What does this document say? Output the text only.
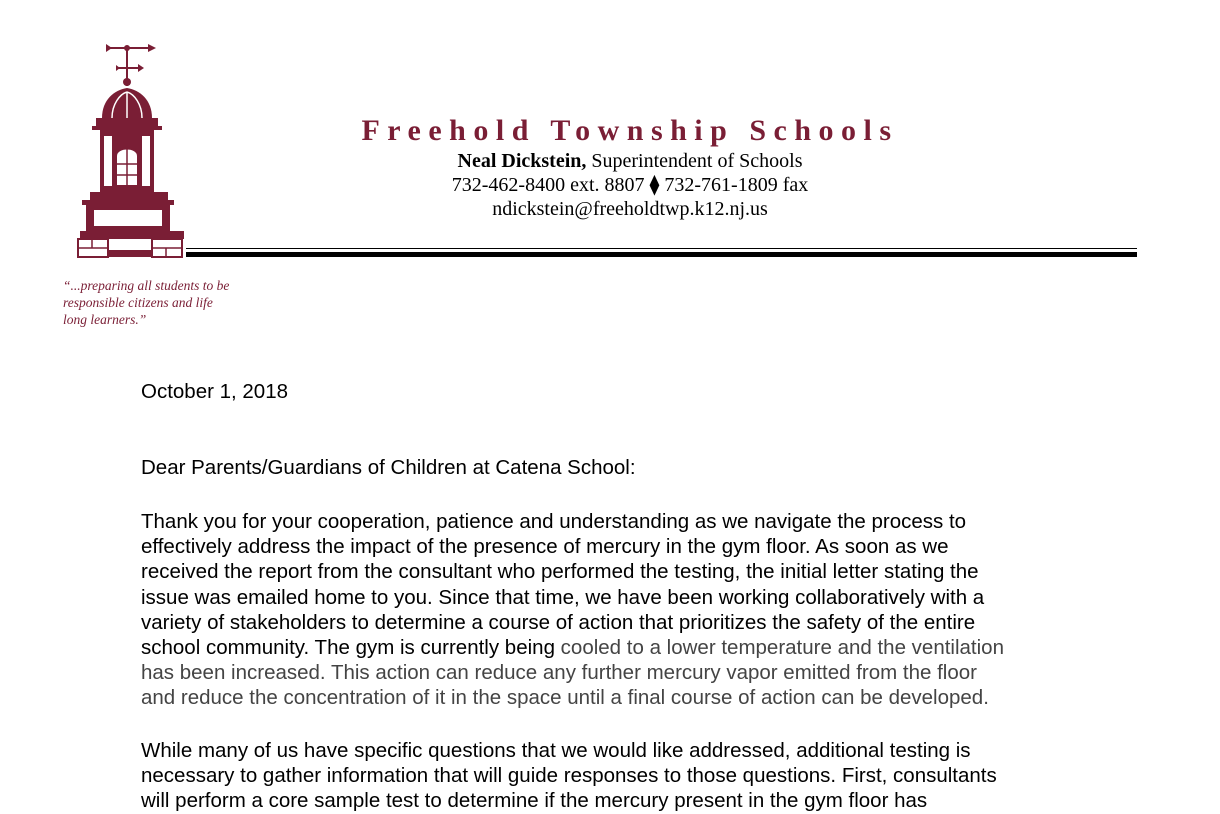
Freehold Township Schools
Neal Dickstein, Superintendent of Schools
732-462-8400 ext. 8807 ⧫ 732-761-1809 fax
ndickstein@freeholdtwp.k12.nj.us
“...preparing all students to be
responsible citizens and life
long learners.”
October 1, 2018
Dear Parents/Guardians of Children at Catena School:
Thank you for your cooperation, patience and understanding as we navigate the process to
effectively address the impact of the presence of mercury in the gym floor. As soon as we
received the report from the consultant who performed the testing, the initial letter stating the
issue was emailed home to you. Since that time, we have been working collaboratively with a
variety of stakeholders to determine a course of action that prioritizes the safety of the entire
school community. The gym is currently being cooled to a lower temperature and the ventilation
has been increased. This action can reduce any further mercury vapor emitted from the floor
and reduce the concentration of it in the space until a final course of action can be developed.
While many of us have specific questions that we would like addressed, additional testing is
necessary to gather information that will guide responses to those questions. First, consultants
will perform a core sample test to determine if the mercury present in the gym floor has
